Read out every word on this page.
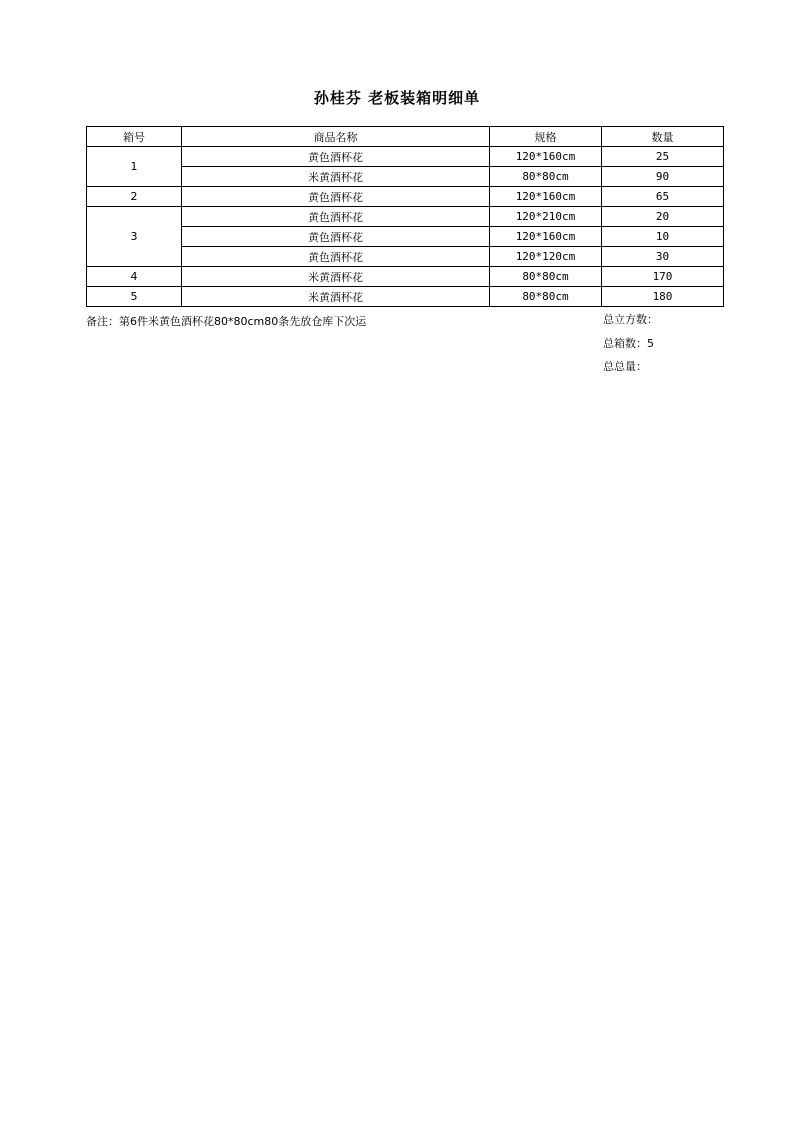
孙桂芬 老板装箱明细单
箱号	商品名称	规格	数量
1	黄色酒杯花	120*160cm	25
	米黄酒杯花	80*80cm	90
2	黄色酒杯花	120*160cm	65
3	黄色酒杯花	120*210cm	20
	黄色酒杯花	120*160cm	10
	黄色酒杯花	120*120cm	30
4	米黄酒杯花	80*80cm	170
5	米黄酒杯花	80*80cm	180
备注：第6件米黄色酒杯花80*80cm80条先放仓库下次运	总立方数：
总箱数：5
总总量：
